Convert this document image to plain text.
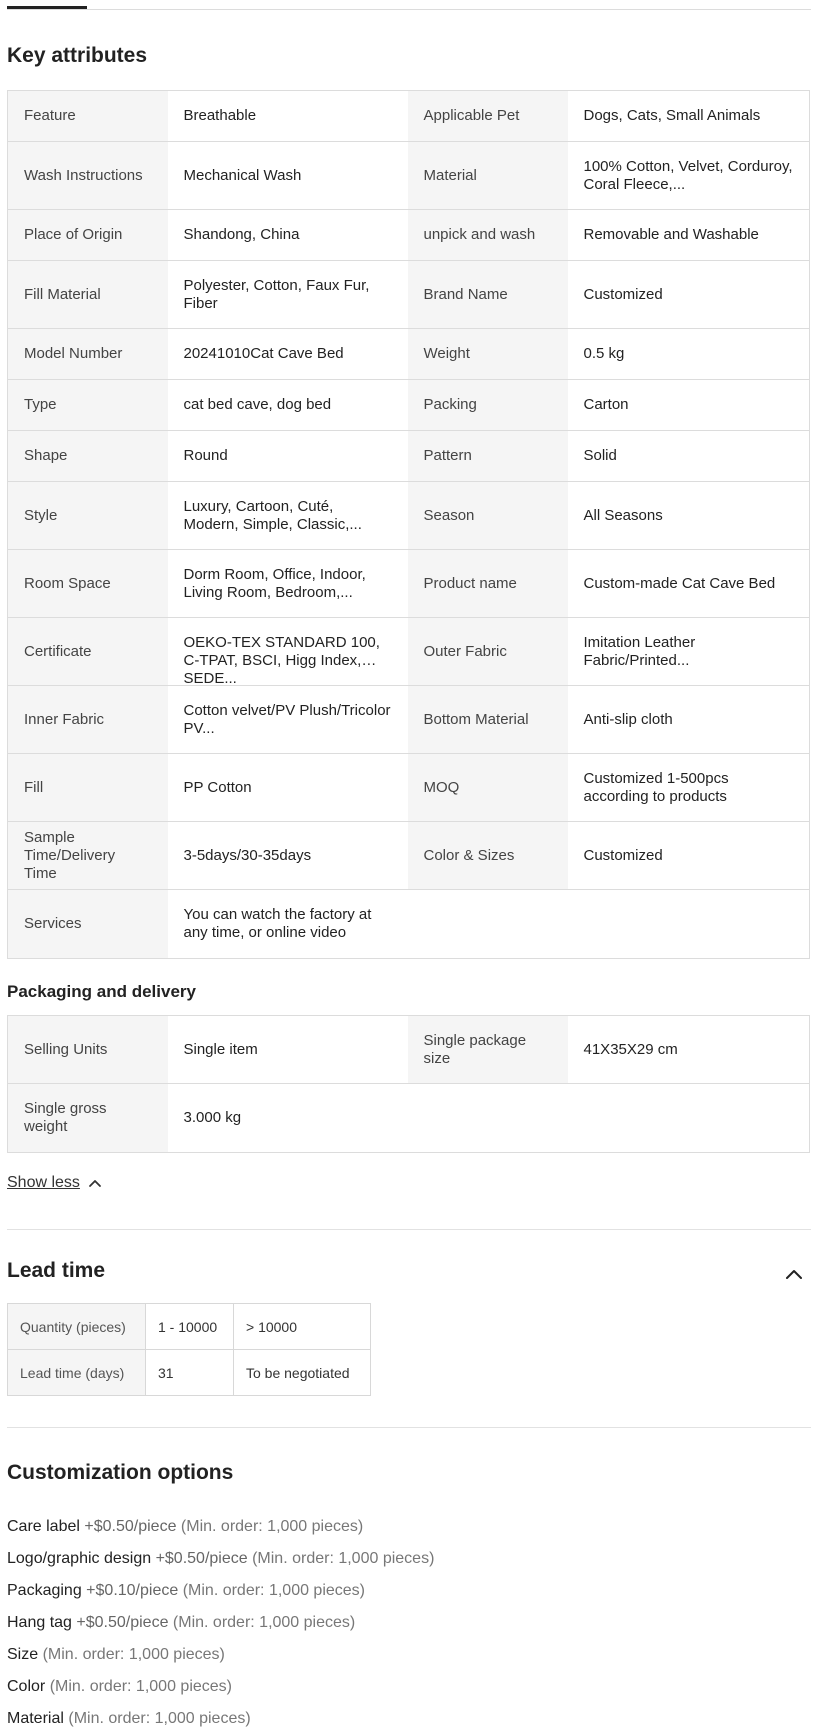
Key attributes
Feature	Breathable	Applicable Pet	Dogs, Cats, Small Animals

Wash Instructions	Mechanical Wash	Material	100% Cotton, Velvet, Corduroy, Coral Fleece,...

Place of Origin	Shandong, China	unpick and wash	Removable and Washable

Fill Material	Polyester, Cotton, Faux Fur, Fiber	Brand Name	Customized

Model Number	20241010Cat Cave Bed	Weight	0.5 kg

Type	cat bed cave, dog bed	Packing	Carton

Shape	Round	Pattern	Solid

Style	Luxury, Cartoon, Cuté, Modern, Simple, Classic,...	Season	All Seasons

Room Space	Dorm Room, Office, Indoor, Living Room, Bedroom,...	Product name	Custom-made Cat Cave Bed

Certificate	OEKO-TEX STANDARD 100, C-TPAT, BSCI, Higg Index, SEDE...	Outer Fabric	Imitation Leather Fabric/Printed...

Inner Fabric	Cotton velvet/PV Plush/Tricolor PV...	Bottom Material	Anti-slip cloth

Fill	PP Cotton	MOQ	Customized 1-500pcs according to products

Sample Time/Delivery Time	3-5days/30-35days	Color & Sizes	Customized

Services	You can watch the factory at any time, or online video		

Packaging and delivery
Selling Units	Single item	Single package size	41X35X29 cm

Single gross weight	3.000 kg		

Show less
Lead time
Quantity (pieces)	1 - 10000	> 10000
Lead time (days)	31	To be negotiated
Customization options
Care label +$0.50/piece (Min. order: 1,000 pieces)
Logo/graphic design +$0.50/piece (Min. order: 1,000 pieces)
Packaging +$0.10/piece (Min. order: 1,000 pieces)
Hang tag +$0.50/piece (Min. order: 1,000 pieces)
Size (Min. order: 1,000 pieces)
Color (Min. order: 1,000 pieces)
Material (Min. order: 1,000 pieces)
